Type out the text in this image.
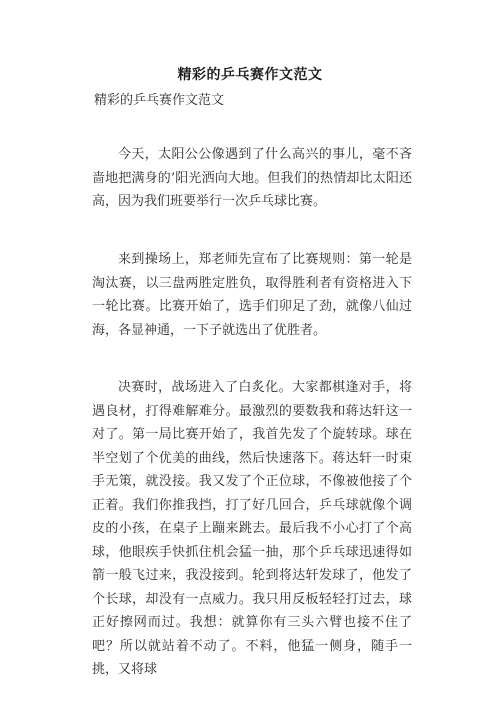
精彩的乒乓赛作文范文
精彩的乒乓赛作文范文

今天，太阳公公像遇到了什么高兴的事儿，毫不吝啬地把满身的’阳光洒向大地。但我们的热情却比太阳还高，因为我们班要举行一次乒乓球比赛。

来到操场上，郑老师先宣布了比赛规则：第一轮是淘汰赛，以三盘两胜定胜负，取得胜利者有资格进入下一轮比赛。比赛开始了，选手们卯足了劲，就像八仙过海，各显神通，一下子就选出了优胜者。

决赛时，战场进入了白炙化。大家都棋逢对手，将遇良材，打得难解难分。最激烈的要数我和蒋达轩这一对了。第一局比赛开始了，我首先发了个旋转球。球在半空划了个优美的曲线，然后快速落下。蒋达轩一时束手无策，就没接。我又发了个正位球，不像被他接了个正着。我们你推我挡，打了好几回合，乒乓球就像个调皮的小孩，在桌子上蹦来跳去。最后我不小心打了个高球，他眼疾手快抓住机会猛一抽，那个乒乓球迅速得如箭一般飞过来，我没接到。轮到将达轩发球了，他发了个长球，却没有一点威力。我只用反板轻轻打过去，球正好擦网而过。我想：就算你有三头六臂也接不住了吧？所以就站着不动了。不料，他猛一侧身，随手一挑，又将球
